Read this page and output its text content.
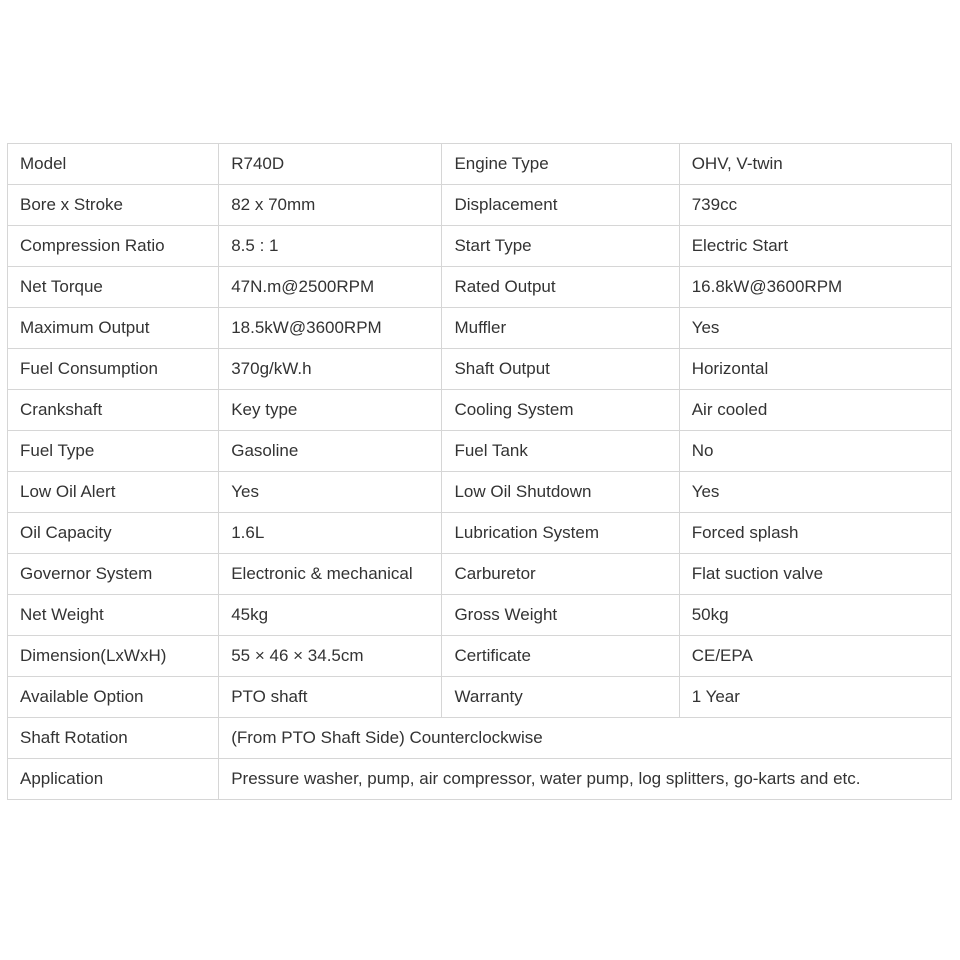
Model	R740D	Engine Type	OHV, V-twin
Bore x Stroke	82 x 70mm	Displacement	739cc
Compression Ratio	8.5 : 1	Start Type	Electric Start
Net Torque	47N.m@2500RPM	Rated Output	16.8kW@3600RPM
Maximum Output	18.5kW@3600RPM	Muffler	Yes
Fuel Consumption	370g/kW.h	Shaft Output	Horizontal
Crankshaft	Key type	Cooling System	Air cooled
Fuel Type	Gasoline	Fuel Tank	No
Low Oil Alert	Yes	Low Oil Shutdown	Yes
Oil Capacity	1.6L	Lubrication System	Forced splash
Governor System	Electronic & mechanical	Carburetor	Flat suction valve
Net Weight	45kg	Gross Weight	50kg
Dimension(LxWxH)	55 × 46 × 34.5cm	Certificate	CE/EPA
Available Option	PTO shaft	Warranty	1 Year
Shaft Rotation	(From PTO Shaft Side) Counterclockwise		
Application	Pressure washer, pump, air compressor, water pump, log splitters, go-karts and etc.		
